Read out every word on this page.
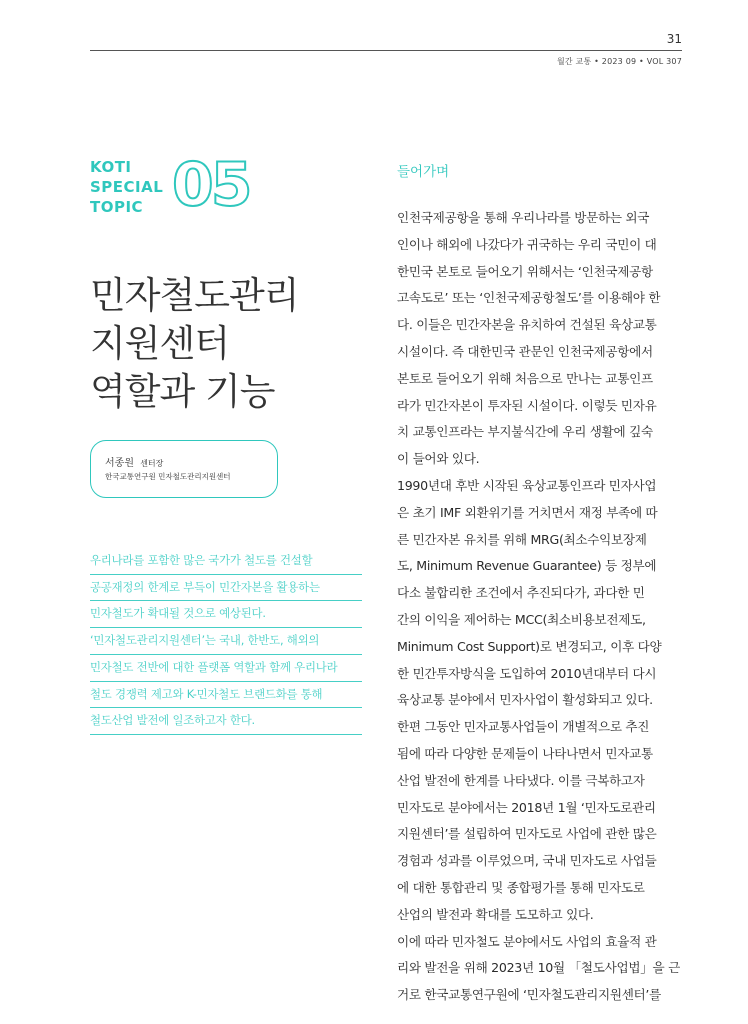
31
월간 교통 • 2023 09 • VOL 307
KOTI
SPECIAL
TOPIC 05
민자철도관리
지원센터
역할과 기능
서종원 센터장
한국교통연구원 민자철도관리지원센터
우리나라를 포함한 많은 국가가 철도를 건설할
공공재정의 한계로 부득이 민간자본을 활용하는
민자철도가 확대될 것으로 예상된다.
‘민자철도관리지원센터’는 국내, 한반도, 해외의
민자철도 전반에 대한 플랫폼 역할과 함께 우리나라
철도 경쟁력 제고와 K-민자철도 브랜드화를 통해
철도산업 발전에 일조하고자 한다.
들어가며
인천국제공항을 통해 우리나라를 방문하는 외국
인이나 해외에 나갔다가 귀국하는 우리 국민이 대
한민국 본토로 들어오기 위해서는 ‘인천국제공항
고속도로’ 또는 ‘인천국제공항철도’를 이용해야 한
다. 이들은 민간자본을 유치하여 건설된 육상교통
시설이다. 즉 대한민국 관문인 인천국제공항에서
본토로 들어오기 위해 처음으로 만나는 교통인프
라가 민간자본이 투자된 시설이다. 이렇듯 민자유
치 교통인프라는 부지불식간에 우리 생활에 깊숙
이 들어와 있다.
1990년대 후반 시작된 육상교통인프라 민자사업
은 초기 IMF 외환위기를 거치면서 재정 부족에 따
른 민간자본 유치를 위해 MRG(최소수익보장제
도, Minimum Revenue Guarantee) 등 정부에
다소 불합리한 조건에서 추진되다가, 과다한 민
간의 이익을 제어하는 MCC(최소비용보전제도,
Minimum Cost Support)로 변경되고, 이후 다양
한 민간투자방식을 도입하여 2010년대부터 다시
육상교통 분야에서 민자사업이 활성화되고 있다.
한편 그동안 민자교통사업들이 개별적으로 추진
됨에 따라 다양한 문제들이 나타나면서 민자교통
산업 발전에 한계를 나타냈다. 이를 극복하고자
민자도로 분야에서는 2018년 1월 ‘민자도로관리
지원센터’를 설립하여 민자도로 사업에 관한 많은
경험과 성과를 이루었으며, 국내 민자도로 사업들
에 대한 통합관리 및 종합평가를 통해 민자도로
산업의 발전과 확대를 도모하고 있다.
이에 따라 민자철도 분야에서도 사업의 효율적 관
리와 발전을 위해 2023년 10월 「철도사업법」을 근
거로 한국교통연구원에 ‘민자철도관리지원센터’를
